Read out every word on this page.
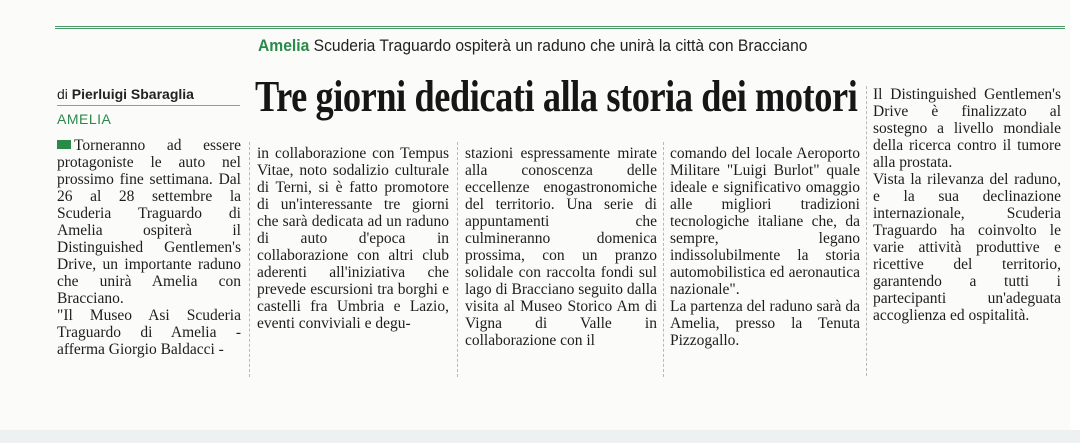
Amelia Scuderia Traguardo ospiterà un raduno che unirà la città con Bracciano
di Pierluigi Sbaraglia
AMELIA	Tre giorni dedicati alla storia dei motori

Torneranno ad essere protagoniste le auto nel prossimo fine settimana. Dal 26 al 28 settembre la Scuderia Traguardo di Amelia ospiterà il Distinguished Gentlemen's Drive, un importante raduno che unirà Amelia con Bracciano.

"Il Museo Asi Scuderia Traguardo di Amelia - afferma Giorgio Baldacci -

in collaborazione con Tempus Vitae, noto sodalizio culturale di Terni, si è fatto promotore di un'interessante tre giorni che sarà dedicata ad un raduno di auto d'epoca in collaborazione con altri club aderenti all'iniziativa che prevede escursioni tra borghi e castelli fra Umbria e Lazio, eventi conviviali e degu-

stazioni espressamente mirate alla conoscenza delle eccellenze enogastronomiche del territorio. Una serie di appuntamenti che culmineranno domenica prossima, con un pranzo solidale con raccolta fondi sul lago di Bracciano seguito dalla visita al Museo Storico Am di Vigna di Valle in collaborazione con il

comando del locale Aeroporto Militare "Luigi Burlot" quale ideale e significativo omaggio alle migliori tradizioni tecnologiche italiane che, da sempre, legano indissolubilmente la storia automobilistica ed aeronautica nazionale".

La partenza del raduno sarà da Amelia, presso la Tenuta Pizzogallo.

Il Distinguished Gentlemen's Drive è finalizzato al sostegno a livello mondiale della ricerca contro il tumore alla prostata.

Vista la rilevanza del raduno, e la sua declinazione internazionale, Scuderia Traguardo ha coinvolto le varie attività produttive e ricettive del territorio, garantendo a tutti i partecipanti un'adeguata accoglienza ed ospitalità.
